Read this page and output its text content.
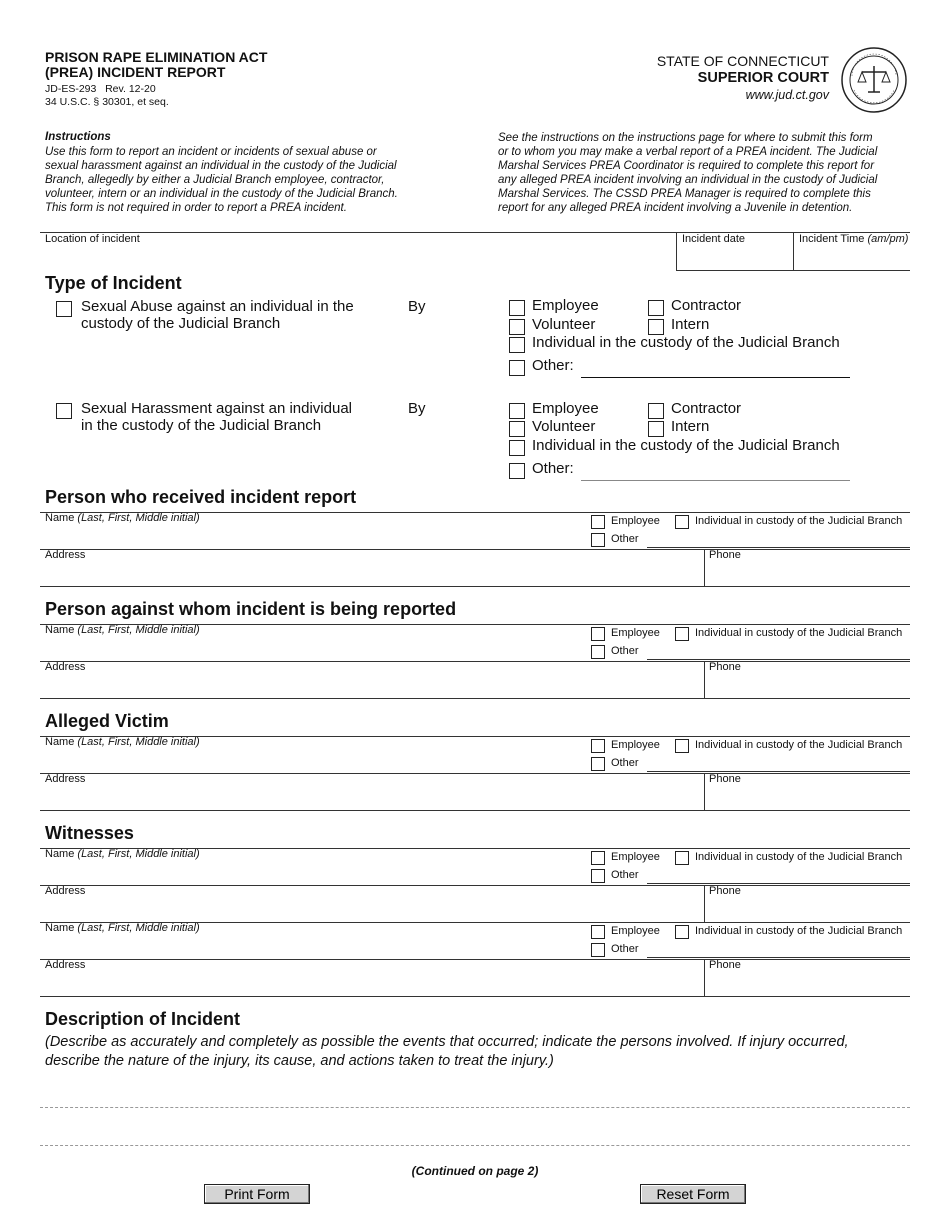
PRISON RAPE ELIMINATION ACT
(PREA) INCIDENT REPORT
JD-ES-293   Rev. 12-20
34 U.S.C. § 30301, et seq.
STATE OF CONNECTICUT
SUPERIOR COURT
www.jud.ct.gov
Instructions
Use this form to report an incident or incidents of sexual abuse or
sexual harassment against an individual in the custody of the Judicial
Branch, allegedly by either a Judicial Branch employee, contractor,
volunteer, intern or an individual in the custody of the Judicial Branch.
This form is not required in order to report a PREA incident.
See the instructions on the instructions page for where to submit this form
or to whom you may make a verbal report of a PREA incident. The Judicial
Marshal Services PREA Coordinator is required to complete this report for
any alleged PREA incident involving an individual in the custody of Judicial
Marshal Services. The CSSD PREA Manager is required to complete this
report for any alleged PREA incident involving a Juvenile in detention.
Location of incident	Incident date	Incident Time (am/pm)
Type of Incident
Sexual Abuse against an individual in the
custody of the Judicial Branch
By	Employee	Contractor
Volunteer	Intern
Individual in the custody of the Judicial Branch
Other:
Sexual Harassment against an individual
in the custody of the Judicial Branch
By	Employee	Contractor
Volunteer	Intern
Individual in the custody of the Judicial Branch
Other:
Person who received incident report
Name (Last, First, Middle initial)	Employee	Individual in custody of the Judicial Branch
Other
Address	Phone
Person against whom incident is being reported
Name (Last, First, Middle initial)	Employee	Individual in custody of the Judicial Branch
Other
Address	Phone
Alleged Victim
Name (Last, First, Middle initial)	Employee	Individual in custody of the Judicial Branch
Other
Address	Phone
Witnesses
Name (Last, First, Middle initial)	Employee	Individual in custody of the Judicial Branch
Other
Address	Phone
Name (Last, First, Middle initial)	Employee	Individual in custody of the Judicial Branch
Other
Address	Phone
Description of Incident
(Describe as accurately and completely as possible the events that occurred; indicate the persons involved. If injury occurred,
describe the nature of the injury, its cause, and actions taken to treat the injury.)
(Continued on page 2)
Print Form	Reset Form
